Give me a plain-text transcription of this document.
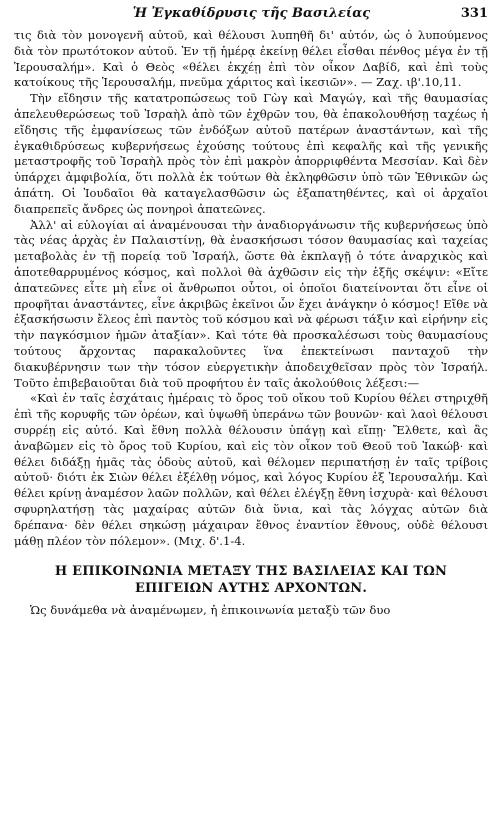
Ἡ Ἐγκαθίδρυσις τῆς Βασιλείας	331

τις διὰ τὸν μονογενῆ αὐτοῦ, καὶ θέλουσι λυπηθῆ δι' αὐτόν, ὡς ὁ λυπούμενος διὰ τὸν πρωτότοκον αὐτοῦ. Ἐν τῇ ἡμέρᾳ ἐκείνῃ θέλει εἶσθαι πένθος μέγα ἐν τῇ Ἱερουσαλήμ». Καὶ ὁ Θεὸς «θέλει ἐκχέῃ ἐπὶ τὸν οἶκον Δαβίδ, καὶ ἐπὶ τοὺς κατοίκους τῆς Ἱερουσαλήμ, πνεῦμα χάριτος καὶ ἱκεσιῶν». — Ζαχ. ιβ'.10,11.

Τὴν εἴδησιν τῆς κατατροπώσεως τοῦ Γὼγ καὶ Μαγώγ, καὶ τῆς θαυμασίας ἀπελευθερώσεως τοῦ Ἰσραὴλ ἀπὸ τῶν ἐχθρῶν του, θὰ ἐπακολουθήσῃ ταχέως ἡ εἴδησις τῆς ἐμφανίσεως τῶν ἐνδόξων αὐτοῦ πατέρων ἀναστάντων, καὶ τῆς ἐγκαθιδρύσεως κυβερνήσεως ἐχούσης τούτους ἐπὶ κεφαλῆς καὶ τῆς γενικῆς μεταστροφῆς τοῦ Ἰσραὴλ πρὸς τὸν ἐπὶ μακρὸν ἀπορριφθέντα Μεσσίαν. Καὶ δὲν ὑπάρχει ἀμφιβολία, ὅτι πολλὰ ἐκ τούτων θὰ ἐκληφθῶσιν ὑπὸ τῶν Ἐθνικῶν ὡς ἀπάτη. Οἱ Ἰουδαῖοι θὰ καταγελασθῶσιν ὡς ἐξαπατηθέντες, καὶ οἱ ἀρχαῖοι διαπρεπεῖς ἄνδρες ὡς πονηροὶ ἀπατεῶνες.

Ἀλλ' αἱ εὐλογίαι αἱ ἀναμένουσαι τὴν ἀναδιοργάνωσιν τῆς κυβερνήσεως ὑπὸ τὰς νέας ἀρχὰς ἐν Παλαιστίνῃ, θὰ ἐνασκήσωσι τόσον θαυμασίας καὶ ταχείας μεταβολὰς ἐν τῇ πορείᾳ τοῦ Ἰσραήλ, ὥστε θὰ ἐκπλαγῇ ὁ τότε ἀναρχικὸς καὶ ἀποτεθαρρυμένος κόσμος, καὶ πολλοὶ θὰ ἀχθῶσιν εἰς τὴν ἑξῆς σκέψιν: «Εἴτε ἀπατεῶνες εἶτε μὴ εἶνε οἱ ἄνθρωποι οὗτοι, οἱ ὁποῖοι διατείνονται ὅτι εἶνε οἱ προφῆται ἀναστάντες, εἶνε ἀκριβῶς ἐκεῖνοι ὧν ἔχει ἀνάγκην ὁ κόσμος! Εἴθε νὰ ἐξασκήσωσιν ἔλεος ἐπὶ παντὸς τοῦ κόσμου καὶ νὰ φέρωσι τάξιν καὶ εἰρήνην εἰς τὴν παγκόσμιον ἡμῶν ἀταξίαν». Καὶ τότε θὰ προσκαλέσωσι τοὺς θαυμασίους τούτους ἄρχοντας παρακαλοῦντες ἵνα ἐπεκτείνωσι πανταχοῦ τὴν διακυβέρνησιν των τὴν τόσον εὐεργετικὴν ἀποδειχθεῖσαν πρὸς τὸν Ἰσραήλ. Τοῦτο ἐπιβεβαιοῦται διὰ τοῦ προφήτου ἐν ταῖς ἀκολούθοις λέξεσι:—

«Καὶ ἐν ταῖς ἐσχάταις ἡμέραις τὸ ὄρος τοῦ οἴκου τοῦ Κυρίου θέλει στηριχθῆ ἐπὶ τῆς κορυφῆς τῶν ὀρέων, καὶ ὑψωθῆ ὑπεράνω τῶν βουνῶν· καὶ λαοὶ θέλουσι συρρέῃ εἰς αὐτό. Καὶ ἔθνη πολλὰ θέλουσιν ὑπάγῃ καὶ εἴπῃ· Ἔλθετε, καὶ ἂς ἀναβῶμεν εἰς τὸ ὄρος τοῦ Κυρίου, καὶ εἰς τὸν οἶκον τοῦ Θεοῦ τοῦ Ἰακώβ· καὶ θέλει διδάξῃ ἡμᾶς τὰς ὁδοὺς αὐτοῦ, καὶ θέλομεν περιπατήσῃ ἐν ταῖς τρίβοις αὐτοῦ· διότι ἐκ Σιὼν θέλει ἐξέλθῃ νόμος, καὶ λόγος Κυρίου ἐξ Ἱερουσαλήμ. Καὶ θέλει κρίνῃ ἀναμέσον λαῶν πολλῶν, καὶ θέλει ἐλέγξῃ ἔθνη ἰσχυρὰ· καὶ θέλουσι σφυρηλατήσῃ τὰς μαχαίρας αὐτῶν διὰ ὕνια, καὶ τὰς λόγχας αὐτῶν διὰ δρέπανα· δὲν θέλει σηκώσῃ μάχαιραν ἔθνος ἐναντίον ἔθνους, οὐδὲ θέλουσι μάθῃ πλέον τὸν πόλεμον». (Μιχ. δ'.1-4.

Η ΕΠΙΚΟΙΝΩΝΙΑ ΜΕΤΑΞΥ ΤΗΣ ΒΑΣΙΛΕΙΑΣ ΚΑΙ ΤΩΝ ΕΠΙΓΕΙΩΝ ΑΥΤΗΣ ΑΡΧΟΝΤΩΝ.

Ὡς δυνάμεθα νὰ ἀναμένωμεν, ἡ ἐπικοινωνία μεταξὺ τῶν δυο
